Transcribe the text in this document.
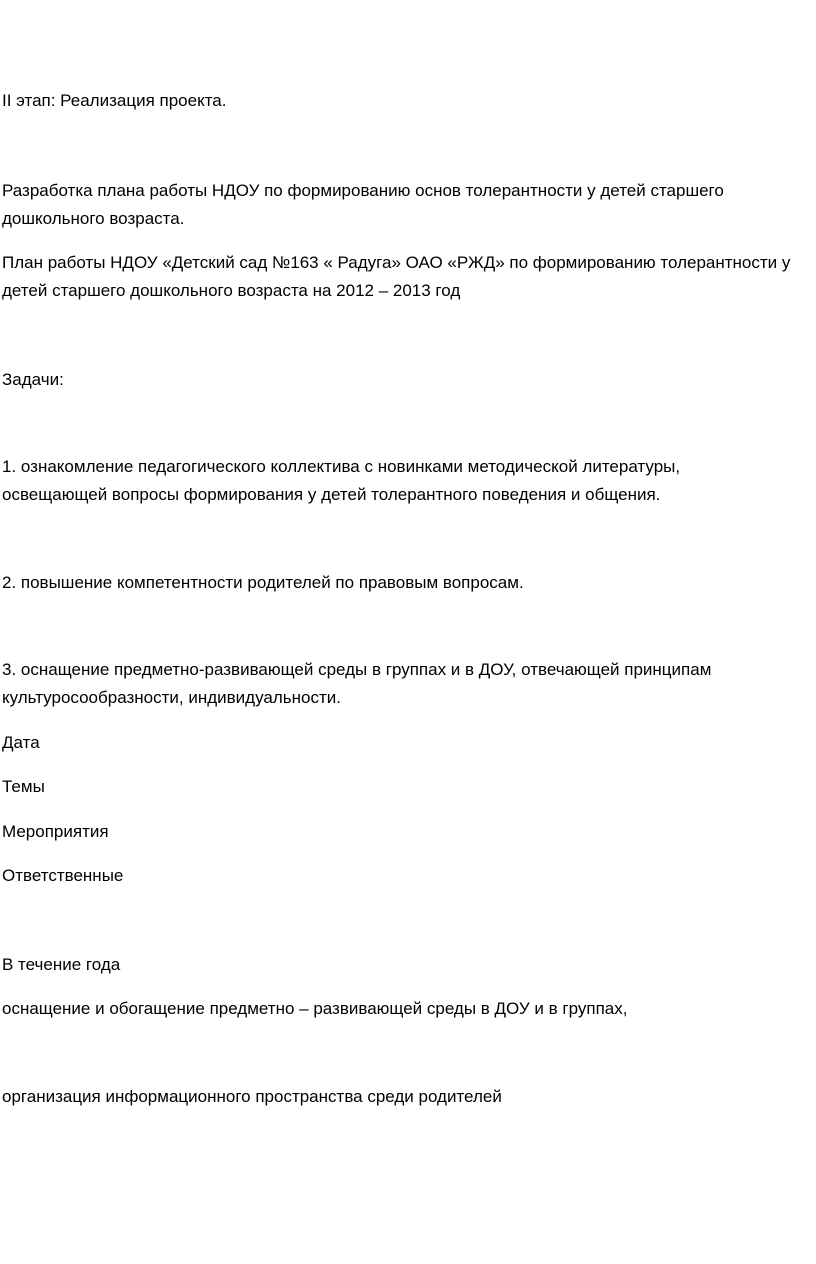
II этап: Реализация проекта.

Разработка плана работы НДОУ по формированию основ толерантности у детей старшего

дошкольного возраста.

План работы НДОУ «Детский сад №163 « Радуга» ОАО «РЖД» по формированию толерантности у

детей старшего дошкольного возраста на 2012 – 2013 год

Задачи:

1. ознакомление педагогического коллектива с новинками методической литературы,

освещающей вопросы формирования у детей толерантного поведения и общения.

2. повышение компетентности родителей по правовым вопросам.

3. оснащение предметно-развивающей среды в группах и в ДОУ, отвечающей принципам

культуросообразности, индивидуальности.

Дата

Темы

Мероприятия

Ответственные

В течение года

оснащение и обогащение предметно – развивающей среды в ДОУ и в группах,

организация информационного пространства среди родителей
